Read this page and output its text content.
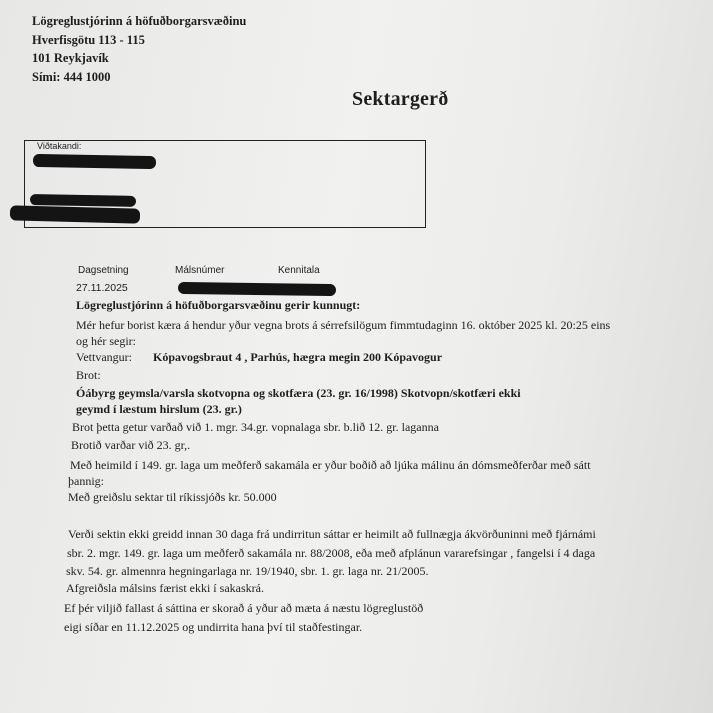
Lögreglustjórinn á höfuðborgarsvæðinu
Hverfisgötu 113 - 115
101 Reykjavík
Sími: 444 1000
Sektargerð
Viðtakandi:
Dagsetning	Málsnúmer	Kennitala
27.11.2025
Lögreglustjórinn á höfuðborgarsvæðinu gerir kunnugt:
Mér hefur borist kæra á hendur yður vegna brots á sérrefsilögum fimmtudaginn 16. október 2025 kl. 20:25 eins
og hér segir:
Vettvangur: Kópavogsbraut 4 , Parhús, hægra megin 200 Kópavogur
Brot:
Óábyrg geymsla/varsla skotvopna og skotfæra (23. gr. 16/1998) Skotvopn/skotfæri ekki
geymd í læstum hirslum (23. gr.)
Brot þetta getur varðað við 1. mgr. 34.gr. vopnalaga sbr. b.lið 12. gr. laganna
Brotið varðar við 23. gr,.
Með heimild í 149. gr. laga um meðferð sakamála er yður boðið að ljúka málinu án dómsmeðferðar með sátt
þannig:
Með greiðslu sektar til ríkissjóðs kr. 50.000
Verði sektin ekki greidd innan 30 daga frá undirritun sáttar er heimilt að fullnægja ákvörðuninni með fjárnámi
sbr. 2. mgr. 149. gr. laga um meðferð sakamála nr. 88/2008, eða með afplánun vararefsingar , fangelsi í 4 daga
skv. 54. gr. almennra hegningarlaga nr. 19/1940, sbr. 1. gr. laga nr. 21/2005.
Afgreiðsla málsins færist ekki í sakaskrá.
Ef þér viljið fallast á sáttina er skorað á yður að mæta á næstu lögreglustöð
eigi síðar en 11.12.2025 og undirrita hana því til staðfestingar.
